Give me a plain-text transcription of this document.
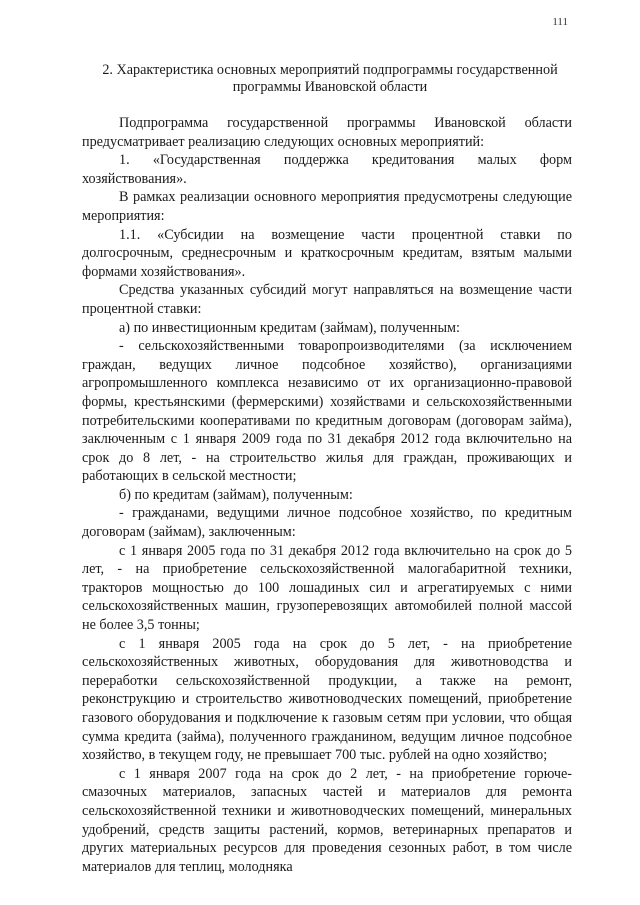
111
2. Характеристика основных мероприятий подпрограммы государственной программы Ивановской области

Подпрограмма государственной программы Ивановской области предусматривает реализацию следующих основных мероприятий:

1. «Государственная поддержка кредитования малых форм хозяйствования».

В рамках реализации основного мероприятия предусмотрены следующие мероприятия:

1.1. «Субсидии на возмещение части процентной ставки по долгосрочным, среднесрочным и краткосрочным кредитам, взятым малыми формами хозяйствования».

Средства указанных субсидий могут направляться на возмещение части процентной ставки:

а) по инвестиционным кредитам (займам), полученным:

- сельскохозяйственными товаропроизводителями (за исключением граждан, ведущих личное подсобное хозяйство), организациями агропромышленного комплекса независимо от их организационно-правовой формы, крестьянскими (фермерскими) хозяйствами и сельскохозяйственными потребительскими кооперативами по кредитным договорам (договорам займа), заключенным с 1 января 2009 года по 31 декабря 2012 года включительно на срок до 8 лет, - на строительство жилья для граждан, проживающих и работающих в сельской местности;

б) по кредитам (займам), полученным:

- гражданами, ведущими личное подсобное хозяйство, по кредитным договорам (займам), заключенным:

с 1 января 2005 года по 31 декабря 2012 года включительно на срок до 5 лет, - на приобретение сельскохозяйственной малогабаритной техники, тракторов мощностью до 100 лошадиных сил и агрегатируемых с ними сельскохозяйственных машин, грузоперевозящих автомобилей полной массой не более 3,5 тонны;

с 1 января 2005 года на срок до 5 лет, - на приобретение сельскохозяйственных животных, оборудования для животноводства и переработки сельскохозяйственной продукции, а также на ремонт, реконструкцию и строительство животноводческих помещений, приобретение газового оборудования и подключение к газовым сетям при условии, что общая сумма кредита (займа), полученного гражданином, ведущим личное подсобное хозяйство, в текущем году, не превышает 700 тыс. рублей на одно хозяйство;

с 1 января 2007 года на срок до 2 лет, - на приобретение горюче-смазочных материалов, запасных частей и материалов для ремонта сельскохозяйственной техники и животноводческих помещений, минеральных удобрений, средств защиты растений, кормов, ветеринарных препаратов и других материальных ресурсов для проведения сезонных работ, в том числе материалов для теплиц, молодняка
